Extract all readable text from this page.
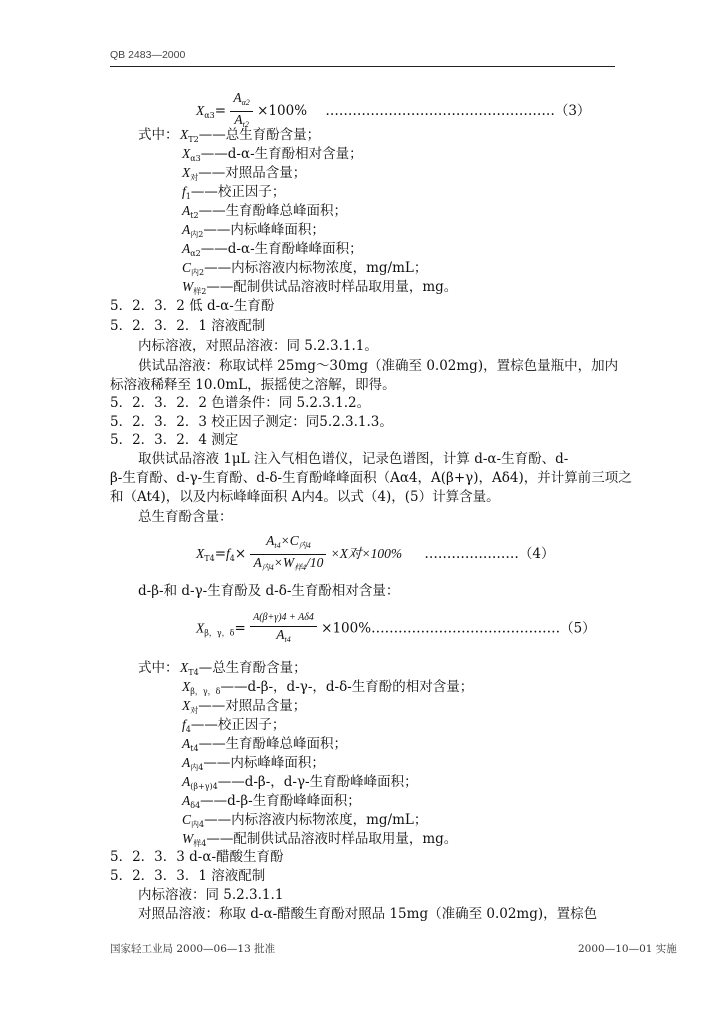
QB 2483—2000
$X_{\alpha 3}= \frac{A_{\alpha 2}}{A_{t2}} \times 100\%$ ……………………………………………（3）
式中： $X_{T2}——$总生育酚含量；
$X_{\alpha 3}——d-\alpha-$生育酚相对含量；
$X_对——$对照品含量；
$f_1——$校正因子；
$A_{t2}——$生育酚峰总峰面积；
$A_{内2}——$内标峰峰面积；
$A_{\alpha 2}——d-\alpha-$生育酚峰峰面积；
$C_{内2}——$内标溶液内标物浓度，mg/mL；
$W_{样2}——$配制供试品溶液时样品取用量，mg。
5．2．3．2 低 d-α-生育酚
5．2．3．2．1 溶液配制
内标溶液，对照品溶液：同 5.2.3.1.1。
供试品溶液：称取试样 25mg～30mg（准确至 0.02mg)，置棕色量瓶中，加内
标溶液稀释至 10.0mL，振摇使之溶解，即得。
5．2．3．2．2 色谱条件：同 5.2.3.1.2。
5．2．3．2．3 校正因子测定：同5.2.3.1.3。
5．2．3．2．4 测定
取供试品溶液 1μL 注入气相色谱仪，记录色谱图，计算 d-α-生育酚、d-
β-生育酚、d-γ-生育酚、d-δ-生育酚峰峰面积（Aα4，A(β+γ)，Aδ4)，并计算前三项之
和（At4)，以及内标峰峰面积 A内4。以式（4)，(5）计算含量。
总生育酚含量：
$X_{T4}=f_4\times \frac{A_{t4}\times C_{内4}}{A_{内4}\times W_{样4}/10} \times X$对×100% …………………（4）
d-β-和 d-γ-生育酚及 d-δ-生育酚相对含量：
$X_{\beta,\gamma,\delta}= \frac{A(\beta+\gamma)4 + A\delta 4}{A_{t4}}$ ×100%……………………………………（5）
式中： $X_{T4}—$总生育酚含量；
$X_{\beta,\gamma,\delta}——d-\beta-$，d-γ-，d-δ-生育酚的相对含量；
$X_对——$对照品含量；
$f_4——$校正因子；
$A_{t4}——$生育酚峰总峰面积；
$A_{内4}——$内标峰峰面积；
$A_{(\beta+\gamma)4}——d-\beta-$，d-γ-生育酚峰峰面积；
$A_{\delta 4}——d-\beta-$生育酚峰峰面积；
$C_{内4}——$内标溶液内标物浓度，mg/mL；
$W_{样4}——$配制供试品溶液时样品取用量，mg。
5．2．3．3 d-α-醋酸生育酚
5．2．3．3．1 溶液配制
内标溶液：同 5.2.3.1.1
对照品溶液：称取 d-α-醋酸生育酚对照品 15mg（准确至 0.02mg)，置棕色
国家轻工业局 2000—06—13 批准	2000—10—01 实施
